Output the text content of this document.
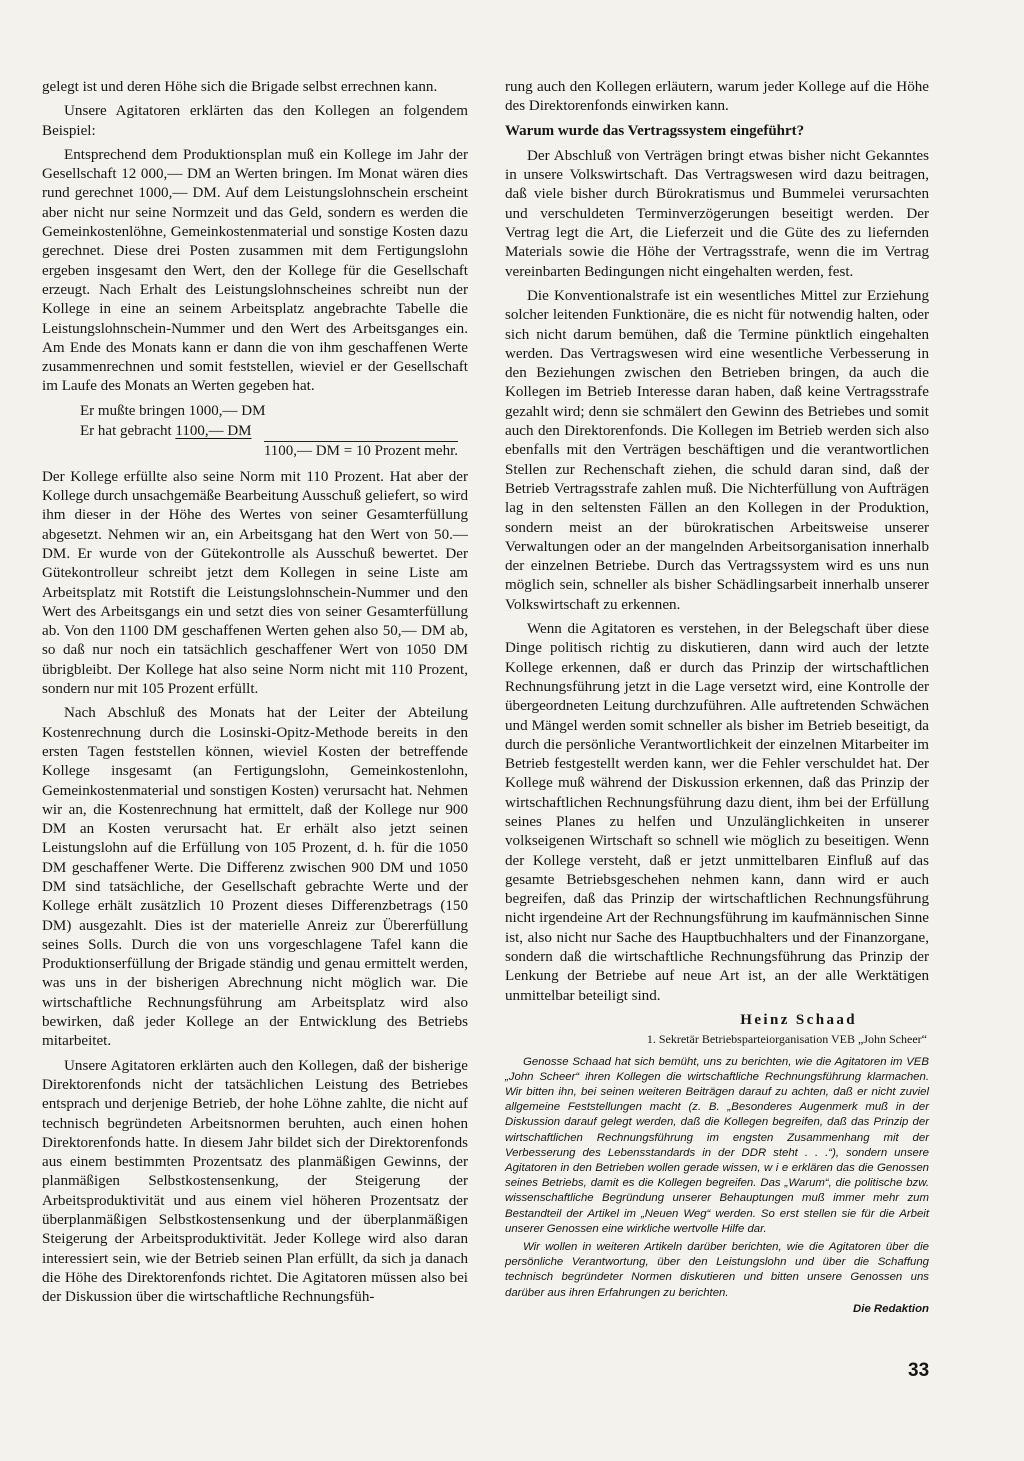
gelegt ist und deren Höhe sich die Brigade selbst errechnen kann.

Unsere Agitatoren erklärten das den Kollegen an folgendem Beispiel:

Entsprechend dem Produktionsplan muß ein Kollege im Jahr der Gesellschaft 12 000,— DM an Werten bringen. Im Monat wären dies rund gerechnet 1000,— DM. Auf dem Leistungslohnschein erscheint aber nicht nur seine Normzeit und das Geld, sondern es werden die Gemeinkostenlöhne, Gemeinkostenmaterial und sonstige Kosten dazu gerechnet. Diese drei Posten zusammen mit dem Fertigungslohn ergeben insgesamt den Wert, den der Kollege für die Gesellschaft erzeugt. Nach Erhalt des Leistungslohnscheines schreibt nun der Kollege in eine an seinem Arbeitsplatz angebrachte Tabelle die Leistungslohnschein-Nummer und den Wert des Arbeitsganges ein. Am Ende des Monats kann er dann die von ihm geschaffenen Werte zusammenrechnen und somit feststellen, wieviel er der Gesellschaft im Laufe des Monats an Werten gegeben hat.

Er mußte bringen 1000,— DM
Er hat gebracht 1100,— DM
1100,— DM = 10 Prozent mehr.

Der Kollege erfüllte also seine Norm mit 110 Prozent. Hat aber der Kollege durch unsachgemäße Bearbeitung Ausschuß geliefert, so wird ihm dieser in der Höhe des Wertes von seiner Gesamterfüllung abgesetzt. Nehmen wir an, ein Arbeitsgang hat den Wert von 50.— DM. Er wurde von der Gütekontrolle als Ausschuß bewertet. Der Gütekontrolleur schreibt jetzt dem Kollegen in seine Liste am Arbeitsplatz mit Rotstift die Leistungslohnschein-Nummer und den Wert des Arbeitsgangs ein und setzt dies von seiner Gesamterfüllung ab. Von den 1100 DM geschaffenen Werten gehen also 50,— DM ab, so daß nur noch ein tatsächlich geschaffener Wert von 1050 DM übrigbleibt. Der Kollege hat also seine Norm nicht mit 110 Prozent, sondern nur mit 105 Prozent erfüllt.

Nach Abschluß des Monats hat der Leiter der Abteilung Kostenrechnung durch die Losinski-Opitz-Methode bereits in den ersten Tagen feststellen können, wieviel Kosten der betreffende Kollege insgesamt (an Fertigungslohn, Gemeinkostenlohn, Gemeinkostenmaterial und sonstigen Kosten) verursacht hat. Nehmen wir an, die Kostenrechnung hat ermittelt, daß der Kollege nur 900 DM an Kosten verursacht hat. Er erhält also jetzt seinen Leistungslohn auf die Erfüllung von 105 Prozent, d. h. für die 1050 DM geschaffener Werte. Die Differenz zwischen 900 DM und 1050 DM sind tatsächliche, der Gesellschaft gebrachte Werte und der Kollege erhält zusätzlich 10 Prozent dieses Differenzbetrags (150 DM) ausgezahlt. Dies ist der materielle Anreiz zur Übererfüllung seines Solls. Durch die von uns vorgeschlagene Tafel kann die Produktionserfüllung der Brigade ständig und genau ermittelt werden, was uns in der bisherigen Abrechnung nicht möglich war. Die wirtschaftliche Rechnungsführung am Arbeitsplatz wird also bewirken, daß jeder Kollege an der Entwicklung des Betriebs mitarbeitet.

Unsere Agitatoren erklärten auch den Kollegen, daß der bisherige Direktorenfonds nicht der tatsächlichen Leistung des Betriebes entsprach und derjenige Betrieb, der hohe Löhne zahlte, die nicht auf technisch begründeten Arbeitsnormen beruhten, auch einen hohen Direktorenfonds hatte. In diesem Jahr bildet sich der Direktorenfonds aus einem bestimmten Prozentsatz des planmäßigen Gewinns, der planmäßigen Selbstkostensenkung, der Steigerung der Arbeitsproduktivität und aus einem viel höheren Prozentsatz der überplanmäßigen Selbstkostensenkung und der überplanmäßigen Steigerung der Arbeitsproduktivität. Jeder Kollege wird also daran interessiert sein, wie der Betrieb seinen Plan erfüllt, da sich ja danach die Höhe des Direktorenfonds richtet. Die Agitatoren müssen also bei der Diskussion über die wirtschaftliche Rechnungsfüh-

rung auch den Kollegen erläutern, warum jeder Kollege auf die Höhe des Direktorenfonds einwirken kann.

Warum wurde das Vertragssystem eingeführt?

Der Abschluß von Verträgen bringt etwas bisher nicht Gekanntes in unsere Volkswirtschaft. Das Vertragswesen wird dazu beitragen, daß viele bisher durch Bürokratismus und Bummelei verursachten und verschuldeten Terminverzögerungen beseitigt werden. Der Vertrag legt die Art, die Lieferzeit und die Güte des zu liefernden Materials sowie die Höhe der Vertragsstrafe, wenn die im Vertrag vereinbarten Bedingungen nicht eingehalten werden, fest.

Die Konventionalstrafe ist ein wesentliches Mittel zur Erziehung solcher leitenden Funktionäre, die es nicht für notwendig halten, oder sich nicht darum bemühen, daß die Termine pünktlich eingehalten werden. Das Vertragswesen wird eine wesentliche Verbesserung in den Beziehungen zwischen den Betrieben bringen, da auch die Kollegen im Betrieb Interesse daran haben, daß keine Vertragsstrafe gezahlt wird; denn sie schmälert den Gewinn des Betriebes und somit auch den Direktorenfonds. Die Kollegen im Betrieb werden sich also ebenfalls mit den Verträgen beschäftigen und die verantwortlichen Stellen zur Rechenschaft ziehen, die schuld daran sind, daß der Betrieb Vertragsstrafe zahlen muß. Die Nichterfüllung von Aufträgen lag in den seltensten Fällen an den Kollegen in der Produktion, sondern meist an der bürokratischen Arbeitsweise unserer Verwaltungen oder an der mangelnden Arbeitsorganisation innerhalb der einzelnen Betriebe. Durch das Vertragssystem wird es uns nun möglich sein, schneller als bisher Schädlingsarbeit innerhalb unserer Volkswirtschaft zu erkennen.

Wenn die Agitatoren es verstehen, in der Belegschaft über diese Dinge politisch richtig zu diskutieren, dann wird auch der letzte Kollege erkennen, daß er durch das Prinzip der wirtschaftlichen Rechnungsführung jetzt in die Lage versetzt wird, eine Kontrolle der übergeordneten Leitung durchzuführen. Alle auftretenden Schwächen und Mängel werden somit schneller als bisher im Betrieb beseitigt, da durch die persönliche Verantwortlichkeit der einzelnen Mitarbeiter im Betrieb festgestellt werden kann, wer die Fehler verschuldet hat. Der Kollege muß während der Diskussion erkennen, daß das Prinzip der wirtschaftlichen Rechnungsführung dazu dient, ihm bei der Erfüllung seines Planes zu helfen und Unzulänglichkeiten in unserer volkseigenen Wirtschaft so schnell wie möglich zu beseitigen. Wenn der Kollege versteht, daß er jetzt unmittelbaren Einfluß auf das gesamte Betriebsgeschehen nehmen kann, dann wird er auch begreifen, daß das Prinzip der wirtschaftlichen Rechnungsführung nicht irgendeine Art der Rechnungsführung im kaufmännischen Sinne ist, also nicht nur Sache des Hauptbuchhalters und der Finanzorgane, sondern daß die wirtschaftliche Rechnungsführung das Prinzip der Lenkung der Betriebe auf neue Art ist, an der alle Werktätigen unmittelbar beteiligt sind.

Heinz Schaad
1. Sekretär Betriebsparteiorganisation VEB „John Scheer“

Genosse Schaad hat sich bemüht, uns zu berichten, wie die Agitatoren im VEB „John Scheer“ ihren Kollegen die wirtschaftliche Rechnungsführung klarmachen. Wir bitten ihn, bei seinen weiteren Beiträgen darauf zu achten, daß er nicht zuviel allgemeine Feststellungen macht (z. B. „Besonderes Augenmerk muß in der Diskussion darauf gelegt werden, daß die Kollegen begreifen, daß das Prinzip der wirtschaftlichen Rechnungsführung im engsten Zusammenhang mit der Verbesserung des Lebensstandards in der DDR steht . . .“), sondern unsere Agitatoren in den Betrieben wollen gerade wissen, w i e erklären das die Genossen seines Betriebs, damit es die Kollegen begreifen. Das „Warum“, die politische bzw. wissenschaftliche Begründung unserer Behauptungen muß immer mehr zum Bestandteil der Artikel im „Neuen Weg“ werden. So erst stellen sie für die Arbeit unserer Genossen eine wirkliche wertvolle Hilfe dar.

Wir wollen in weiteren Artikeln darüber berichten, wie die Agitatoren über die persönliche Verantwortung, über den Leistungslohn und über die Schaffung technisch begründeter Normen diskutieren und bitten unsere Genossen uns darüber aus ihren Erfahrungen zu berichten.

Die Redaktion

33
